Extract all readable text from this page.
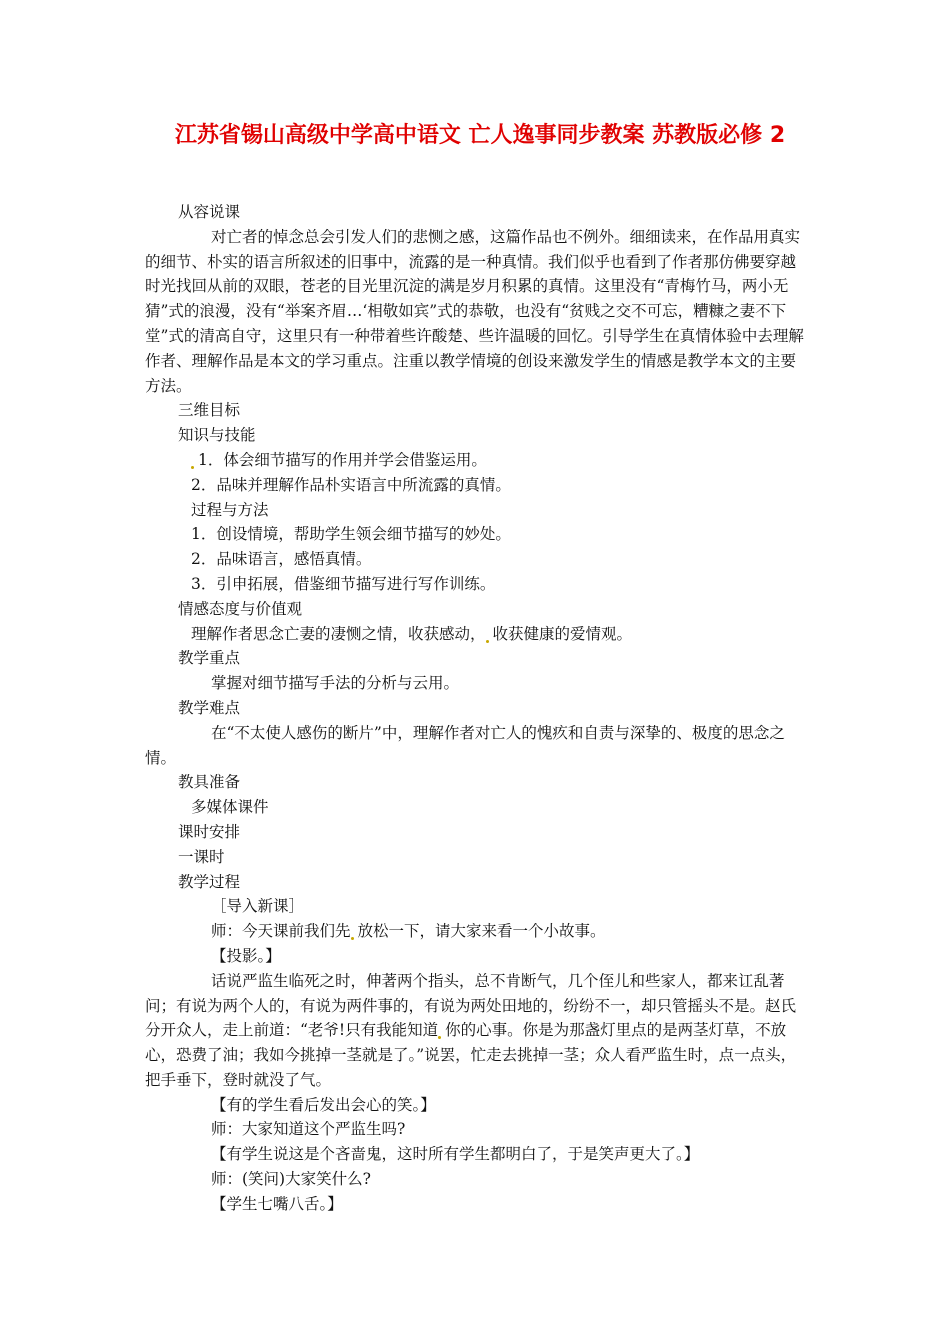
江苏省锡山高级中学高中语文 亡人逸事同步教案 苏教版必修 2

从容说课

对亡者的悼念总会引发人们的悲恻之感，这篇作品也不例外。细细读来，在作品用真实的细节、朴实的语言所叙述的旧事中，流露的是一种真情。我们似乎也看到了作者那仿佛要穿越时光找回从前的双眼，苍老的目光里沉淀的满是岁月积累的真情。这里没有“青梅竹马，两小无猜”式的浪漫，没有“举案齐眉…‘相敬如宾”式的恭敬，也没有“贫贱之交不可忘，糟糠之妻不下堂”式的清高自守，这里只有一种带着些许酸楚、些许温暖的回忆。引导学生在真情体验中去理解作者、理解作品是本文的学习重点。注重以教学情境的创设来激发学生的情感是教学本文的主要方法。

三维目标

知识与技能

1．体会细节描写的作用并学会借鉴运用。

2．品味并理解作品朴实语言中所流露的真情。

过程与方法

1．创设情境，帮助学生领会细节描写的妙处。

2．品味语言，感悟真情。

3．引申拓展，借鉴细节描写进行写作训练。

情感态度与价值观

理解作者思念亡妻的凄恻之情，收获感动， 收获健康的爱情观。

教学重点

掌握对细节描写手法的分析与云用。

教学难点

在“不太使人感伤的断片”中，理解作者对亡人的愧疚和自责与深挚的、极度的思念之情。

教具准备

多媒体课件

课时安排

一课时

教学过程

［导入新课］

师：今天课前我们先 放松一下，请大家来看一个小故事。

【投影。】

话说严监生临死之时，伸著两个指头，总不肯断气，几个侄儿和些家人，都来讧乱著问；有说为两个人的，有说为两件事的，有说为两处田地的，纷纷不一，却只管摇头不是。赵氏分开众人，走上前道：“老爷!只有我能知道 你的心事。你是为那盏灯里点的是两茎灯草，不放心，恐费了油；我如今挑掉一茎就是了。”说罢，忙走去挑掉一茎；众人看严监生时，点一点头，把手垂下，登时就没了气。

【有的学生看后发出会心的笑。】

师：大家知道这个严监生吗?

【有学生说这是个吝啬鬼，这时所有学生都明白了，于是笑声更大了。】

师：(笑问)大家笑什么?

【学生七嘴八舌。】
